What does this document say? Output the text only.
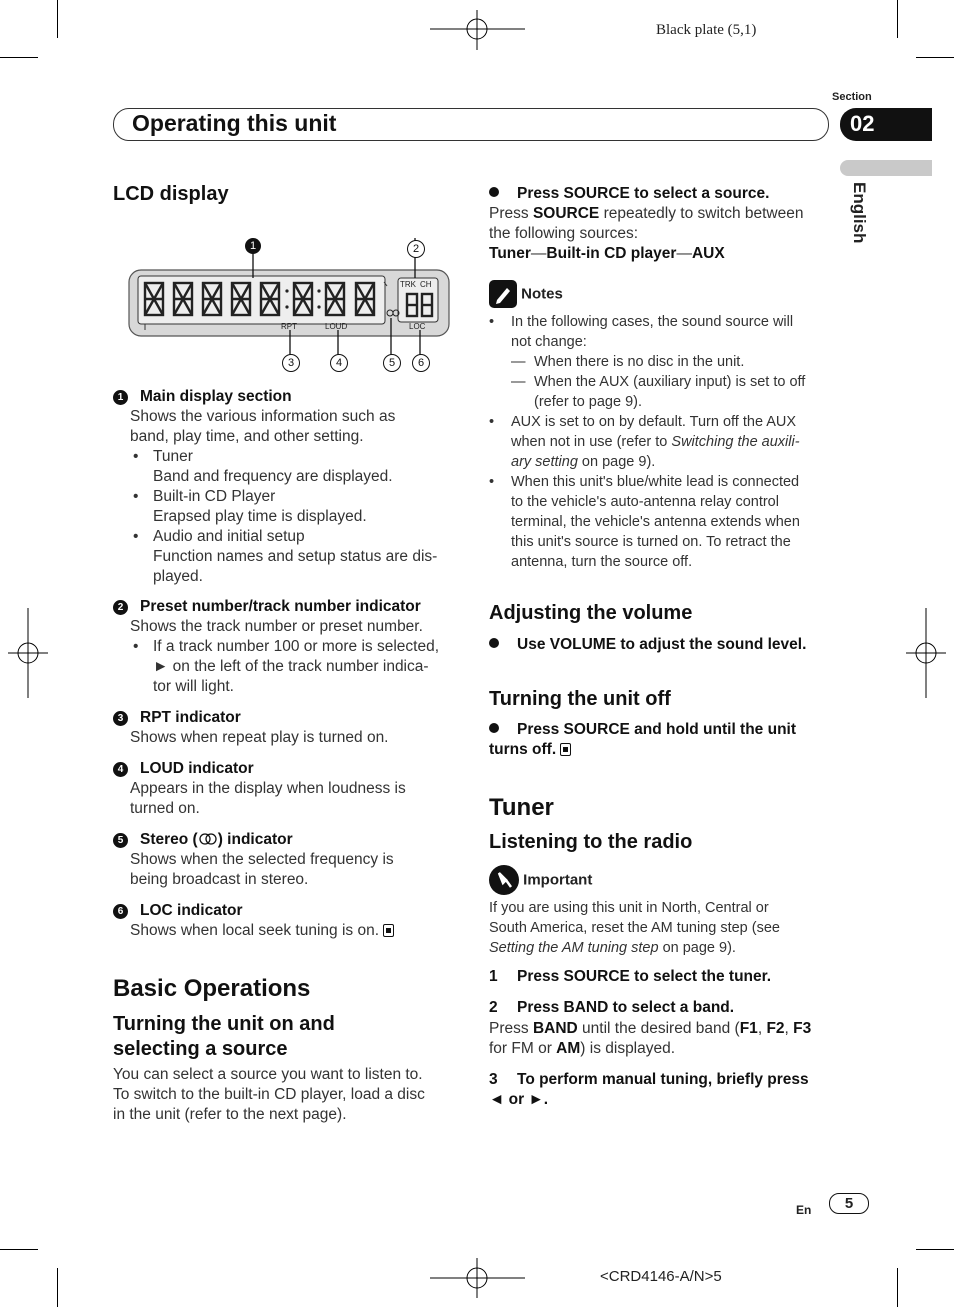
Black plate (5,1)
Operating this unit
Section
02
English
LCD display
TRK CH
RPT	LOUD	LOC
1	2
3	4	5	6
1 Main display section
Shows the various information such as
band, play time, and other setting.
• Tuner
Band and frequency are displayed.
• Built-in CD Player
Erapsed play time is displayed.
• Audio and initial setup
Function names and setup status are dis-
played.
2 Preset number/track number indicator
Shows the track number or preset number.
• If a track number 100 or more is selected,
► on the left of the track number indica-
tor will light.
3 RPT indicator
Shows when repeat play is turned on.
4 LOUD indicator
Appears in the display when loudness is
turned on.
5 Stereo ( ) indicator
Shows when the selected frequency is
being broadcast in stereo.
6 LOC indicator
Shows when local seek tuning is on.
Basic Operations
Turning the unit on and
selecting a source
You can select a source you want to listen to.
To switch to the built-in CD player, load a disc
in the unit (refer to the next page).
Press SOURCE to select a source.
Press SOURCE repeatedly to switch between
the following sources:
Tuner—Built-in CD player—AUX
Notes
• In the following cases, the sound source will
not change:
— When there is no disc in the unit.
— When the AUX (auxiliary input) is set to off
(refer to page 9).
• AUX is set to on by default. Turn off the AUX
when not in use (refer to Switching the auxili-
ary setting on page 9).
• When this unit's blue/white lead is connected
to the vehicle's auto-antenna relay control
terminal, the vehicle's antenna extends when
this unit's source is turned on. To retract the
antenna, turn the source off.
Adjusting the volume
Use VOLUME to adjust the sound level.
Turning the unit off
Press SOURCE and hold until the unit
turns off.
Tuner
Listening to the radio
Important
If you are using this unit in North, Central or
South America, reset the AM tuning step (see
Setting the AM tuning step on page 9).
1 Press SOURCE to select the tuner.
2 Press BAND to select a band.
Press BAND until the desired band (F1, F2, F3
for FM or AM) is displayed.
3 To perform manual tuning, briefly press
◄ or ►.
En	5
<CRD4146-A/N>5
